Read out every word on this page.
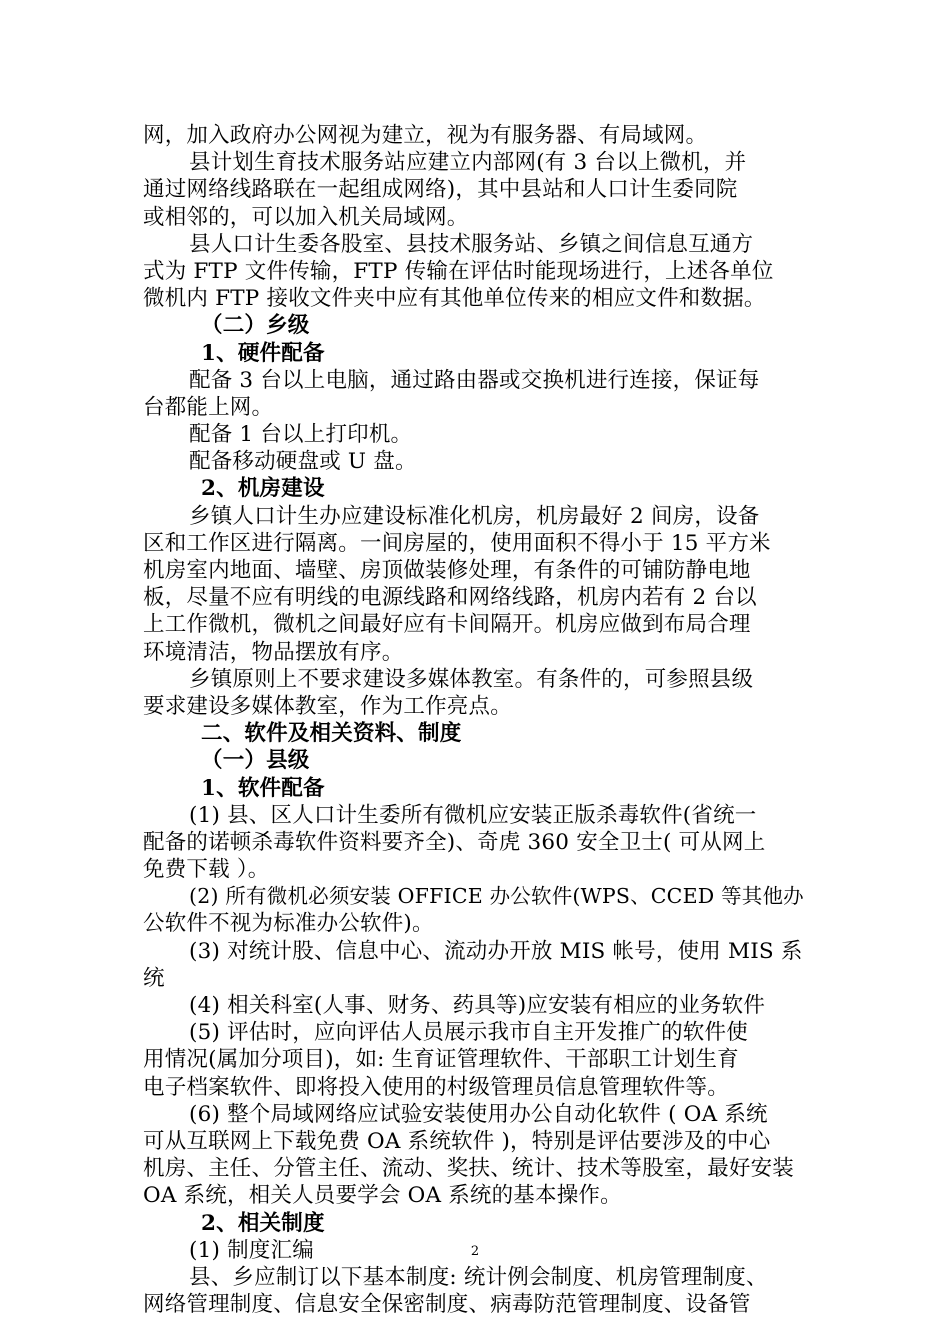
网，加入政府办公网视为建立，视为有服务器、有局域网。
县计划生育技术服务站应建立内部网(有 3 台以上微机，并
通过网络线路联在一起组成网络)，其中县站和人口计生委同院
或相邻的，可以加入机关局域网。
县人口计生委各股室、县技术服务站、乡镇之间信息互通方
式为 FTP 文件传输，FTP 传输在评估时能现场进行，上述各单位
微机内 FTP 接收文件夹中应有其他单位传来的相应文件和数据。
（二）乡级
1、硬件配备
配备 3 台以上电脑，通过路由器或交换机进行连接，保证每
台都能上网。
配备 1 台以上打印机。
配备移动硬盘或 U 盘。
2、机房建设
乡镇人口计生办应建设标准化机房，机房最好 2 间房，设备
区和工作区进行隔离。一间房屋的，使用面积不得小于 15 平方米
机房室内地面、墙壁、房顶做装修处理，有条件的可铺防静电地
板，尽量不应有明线的电源线路和网络线路，机房内若有 2 台以
上工作微机，微机之间最好应有卡间隔开。机房应做到布局合理
环境清洁，物品摆放有序。
乡镇原则上不要求建设多媒体教室。有条件的，可参照县级
要求建设多媒体教室，作为工作亮点。
二、软件及相关资料、制度
（一）县级
1、软件配备
(1) 县、区人口计生委所有微机应安装正版杀毒软件(省统一
配备的诺顿杀毒软件资料要齐全)、奇虎 360 安全卫士( 可从网上
免费下载 ）。
(2) 所有微机必须安装 OFFICE 办公软件(WPS、CCED 等其他办
公软件不视为标准办公软件)。
(3) 对统计股、信息中心、流动办开放 MIS 帐号，使用 MIS 系
统
(4) 相关科室(人事、财务、药具等)应安装有相应的业务软件
(5) 评估时，应向评估人员展示我市自主开发推广的软件使
用情况(属加分项目)，如: 生育证管理软件、干部职工计划生育
电子档案软件、即将投入使用的村级管理员信息管理软件等。
(6) 整个局域网络应试验安装使用办公自动化软件 ( OA 系统
可从互联网上下载免费 OA 系统软件 )，特别是评估要涉及的中心
机房、主任、分管主任、流动、奖扶、统计、技术等股室，最好安装
OA 系统，相关人员要学会 OA 系统的基本操作。
2、相关制度
(1) 制度汇编
县、乡应制订以下基本制度: 统计例会制度、机房管理制度、
网络管理制度、信息安全保密制度、病毒防范管理制度、设备管
2
